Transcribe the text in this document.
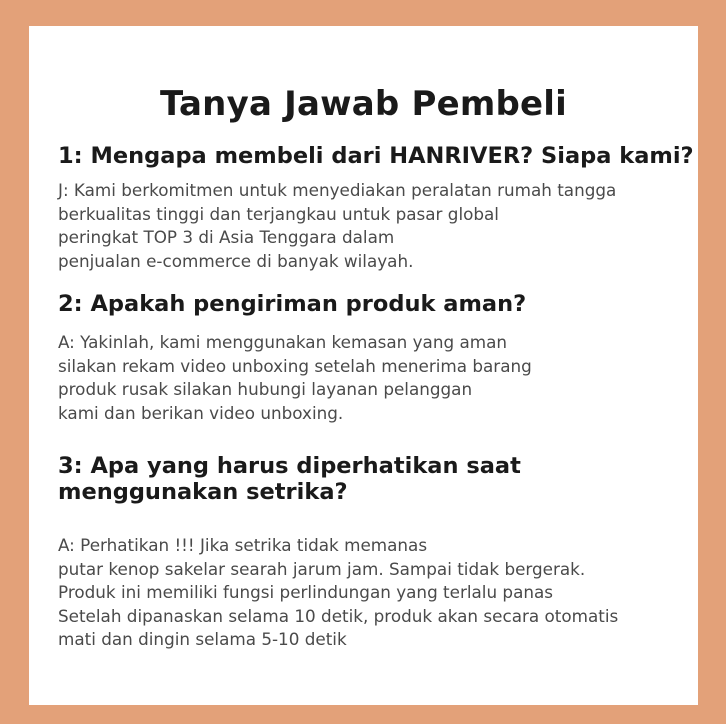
Tanya Jawab Pembeli
1: Mengapa membeli dari HANRIVER? Siapa kami?

J: Kami berkomitmen untuk menyediakan peralatan rumah tangga
berkualitas tinggi dan terjangkau untuk pasar global
peringkat TOP 3 di Asia Tenggara dalam
penjualan e-commerce di banyak wilayah.

2: Apakah pengiriman produk aman?

A: Yakinlah, kami menggunakan kemasan yang aman
silakan rekam video unboxing setelah menerima barang
produk rusak silakan hubungi layanan pelanggan
kami dan berikan video unboxing.

3: Apa yang harus diperhatikan saat
menggunakan setrika?

A: Perhatikan !!! Jika setrika tidak memanas
putar kenop sakelar searah jarum jam. Sampai tidak bergerak.
Produk ini memiliki fungsi perlindungan yang terlalu panas
Setelah dipanaskan selama 10 detik, produk akan secara otomatis
mati dan dingin selama 5-10 detik
